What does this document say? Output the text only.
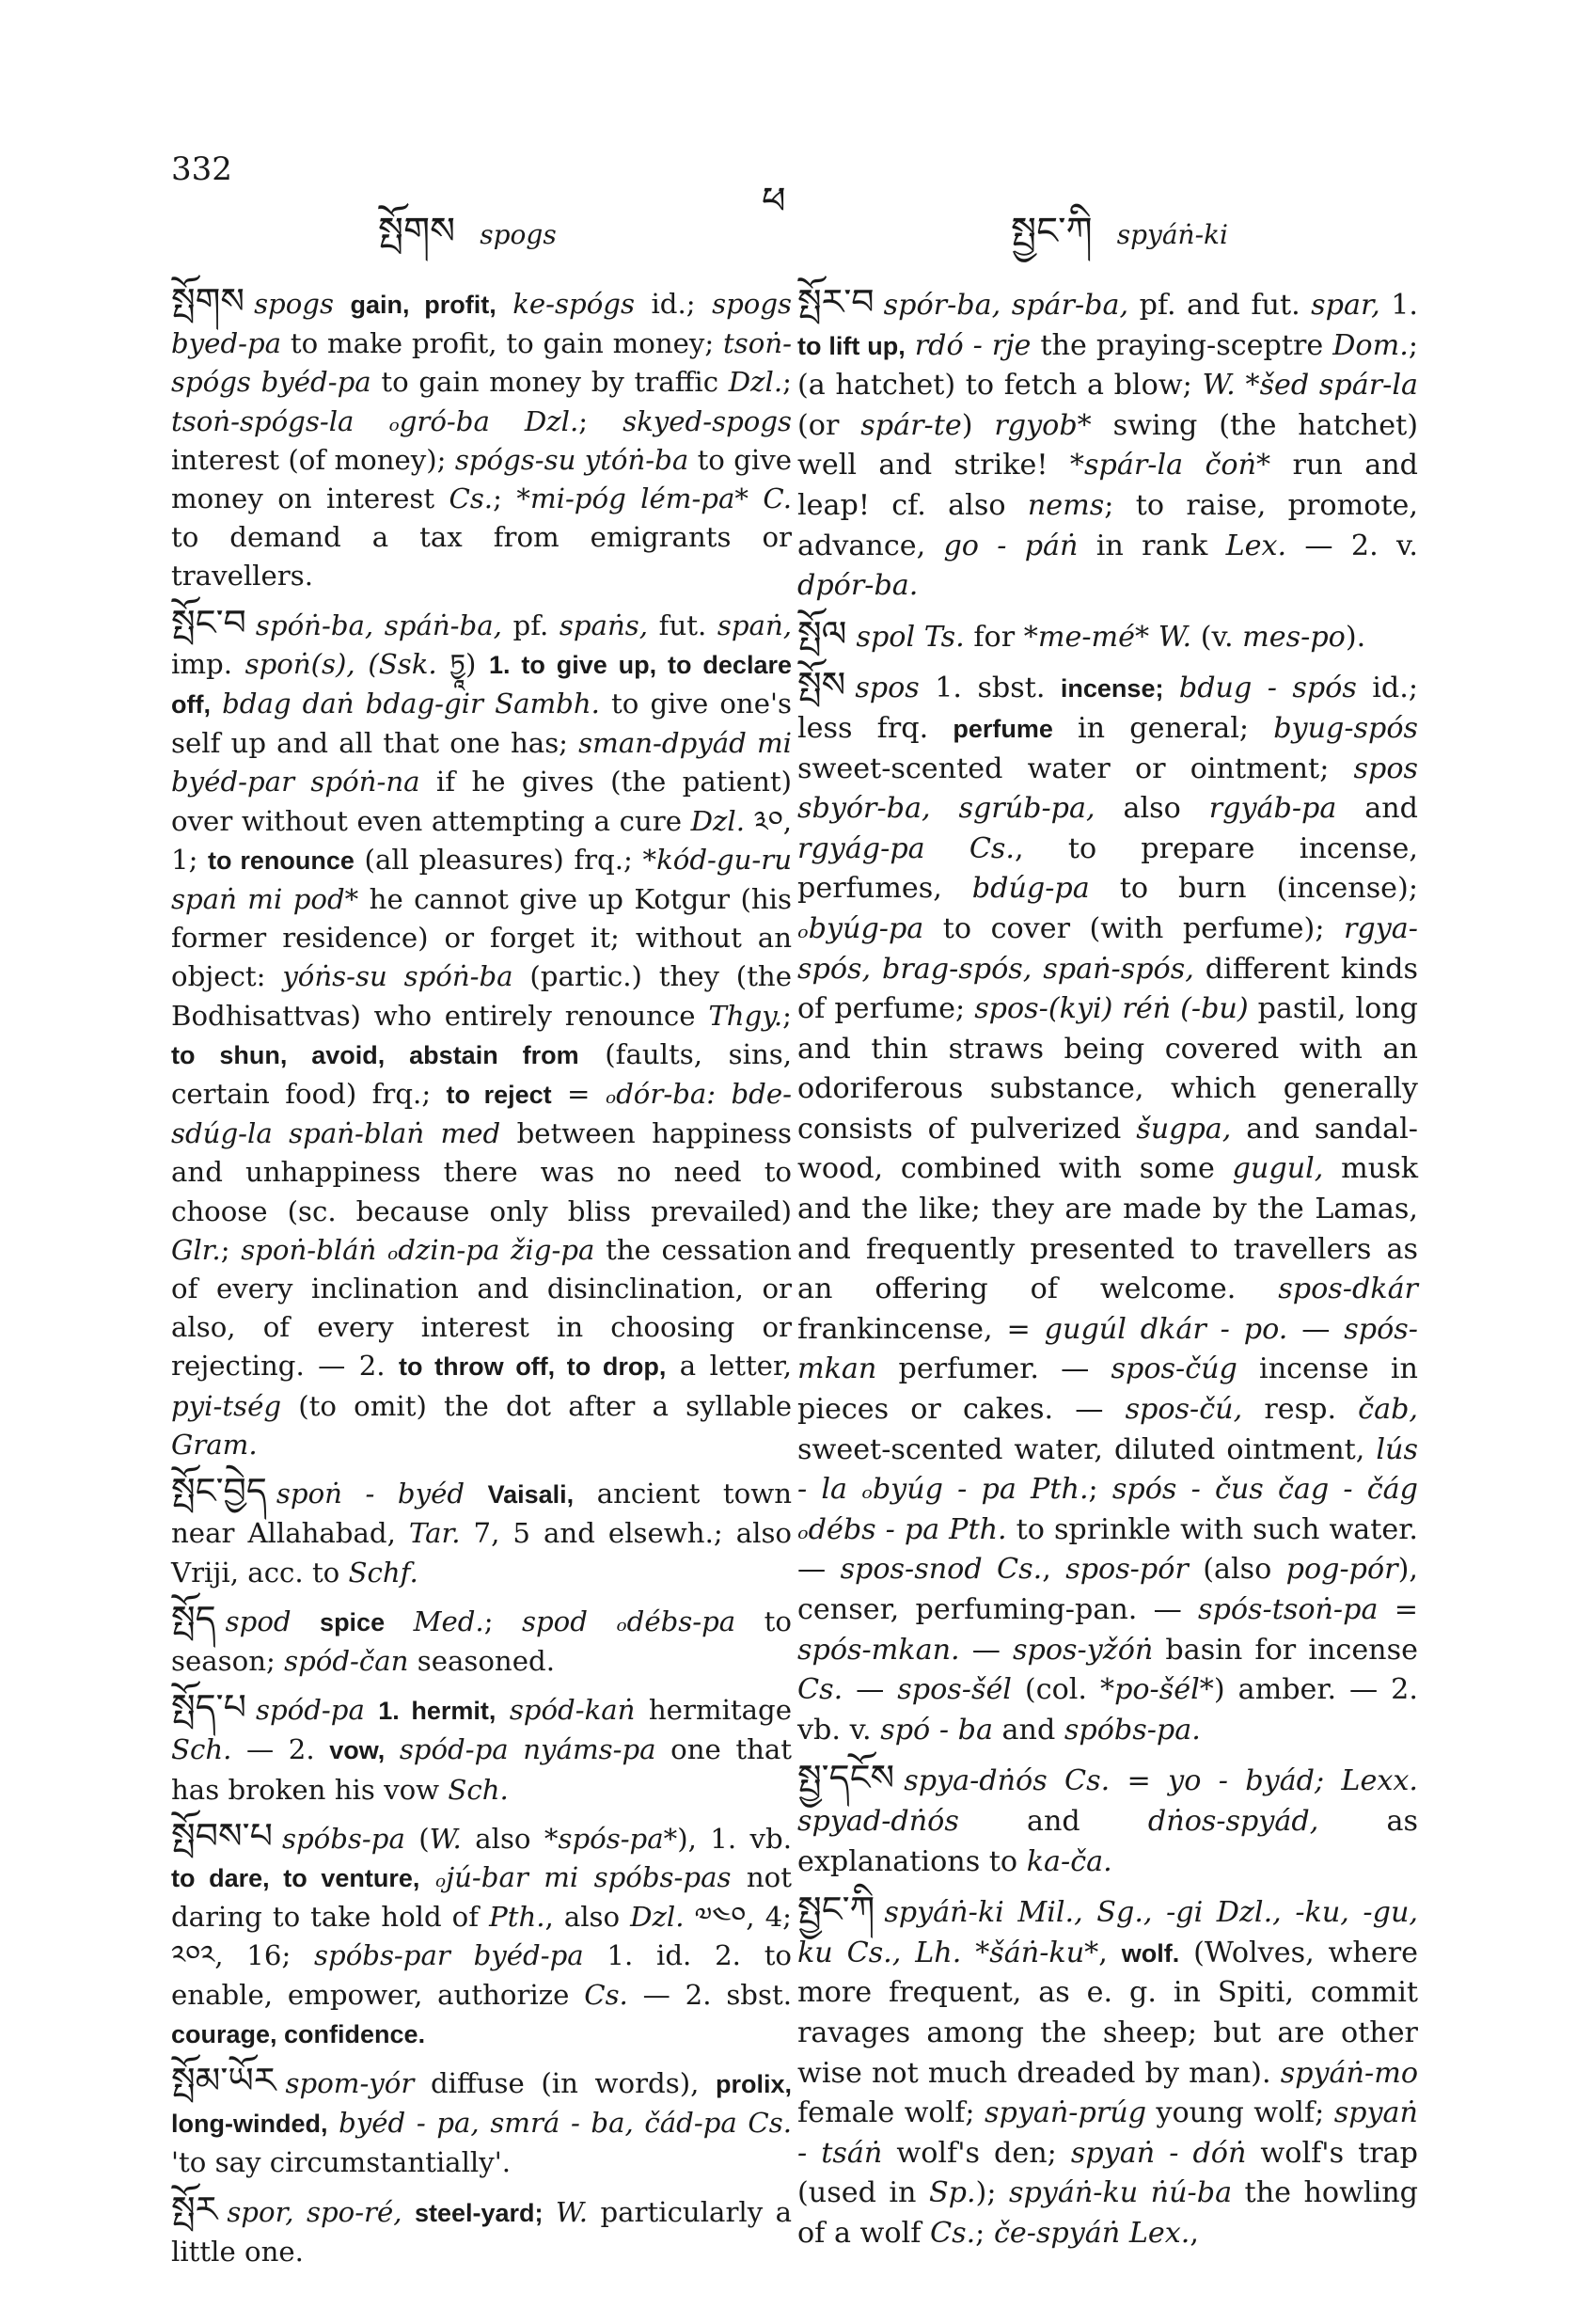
332
སྤོགས spogs
ཕ
སྤྱང་ཀི spyáṅ-ki

སྤོགས spogs gain, profit, ke-spógs id.; spogs byed-pa to make profit, to gain money; tsoṅ-spógs byéd-pa to gain money by traffic Dzl.; tsoṅ-spógs-la ₒgró-ba Dzl.; skyed-spogs interest (of money); spógs-su ytóṅ-ba to give money on interest Cs.; *mi-póg lém-pa* C. to demand a tax from emigrants or travellers.

སྤོང་བ spóṅ-ba, spáṅ-ba, pf. spaṅs, fut. spaṅ, imp. spoṅ(s), (Ssk. ཏྱཱ) 1. to give up, to declare off, bdag daṅ bdag-gir Sambh. to give one's self up and all that one has; sman-dpyád mi byéd-par spóṅ-na if he gives (the patient) over without even attempting a cure Dzl. ༣༠, 1; to renounce (all pleasures) frq.; *kód-gu-ru spaṅ mi pod* he cannot give up Kotgur (his former residence) or forget it; without an object: yóṅs-su spóṅ-ba (partic.) they (the Bodhisattvas) who entirely renounce Thgy.; to shun, avoid, abstain from (faults, sins, certain food) frq.; to reject = ₒdór-ba: bde-sdúg-la spaṅ-blaṅ med between happiness and unhappiness there was no need to choose (sc. because only bliss prevailed) Glr.; spoṅ-bláṅ ₒdzin-pa žig-pa the cessation of every inclination and disinclination, or also, of every interest in choosing or rejecting. — 2. to throw off, to drop, a letter, pyi-tség (to omit) the dot after a syllable Gram.

སྤོང་བྱེད spoṅ - byéd Vaisali, ancient town near Allahabad, Tar. 7, 5 and elsewh.; also Vriji, acc. to Schf.

སྤོད spod spice Med.; spod ₒdébs-pa to season; spód-čan seasoned.

སྤོད་པ spód-pa 1. hermit, spód-kaṅ hermitage Sch. — 2. vow, spód-pa nyáms-pa one that has broken his vow Sch.

སྤོབས་པ spóbs-pa (W. also *spós-pa*), 1. vb. to dare, to venture, ₒjú-bar mi spóbs-pas not daring to take hold of Pth., also Dzl. ༧༤༠, 4; ༢༠༢, 16; spóbs-par byéd-pa 1. id. 2. to enable, empower, authorize Cs. — 2. sbst. courage, confidence.

སྤོམ་ཡོར spom-yór diffuse (in words), prolix, long-winded, byéd - pa, smrá - ba, čád-pa Cs. 'to say circumstantially'.

སྤོར spor, spo-ré, steel-yard; W. particularly a little one.

སྤོར་བ spór-ba, spár-ba, pf. and fut. spar, 1. to lift up, rdó - rje the praying-sceptre Dom.; (a hatchet) to fetch a blow; W. *šed spár-la (or spár-te) rgyob* swing (the hatchet) well and strike! *spár-la čoṅ* run and leap! cf. also nems; to raise, promote, advance, go - páṅ in rank Lex. — 2. v. dpór-ba.

སྤོལ spol Ts. for *me-mé* W. (v. mes-po).

སྤོས spos 1. sbst. incense; bdug - spós id.; less frq. perfume in general; byug-spós sweet-scented water or ointment; spos sbyór-ba, sgrúb-pa, also rgyáb-pa and rgyág-pa Cs., to prepare incense, perfumes, bdúg-pa to burn (incense); ₒbyúg-pa to cover (with perfume); rgya-spós, brag-spós, spaṅ-spós, different kinds of perfume; spos-(kyi) réṅ (-bu) pastil, long and thin straws being covered with an odoriferous substance, which generally consists of pulverized šugpa, and sandal-wood, combined with some gugul, musk and the like; they are made by the Lamas, and frequently presented to travellers as an offering of welcome. spos-dkár frankincense, = gugúl dkár - po. — spós-mkan perfumer. — spos-čúg incense in pieces or cakes. — spos-čú, resp. čab, sweet-scented water, diluted ointment, lús - la ₒbyúg - pa Pth.; spós - čus čag - čág ₒdébs - pa Pth. to sprinkle with such water. — spos-snod Cs., spos-pór (also pog-pór), censer, perfuming-pan. — spós-tsoṅ-pa = spós-mkan. — spos-yžóṅ basin for incense Cs. — spos-šél (col. *po-šél*) amber. — 2. vb. v. spó - ba and spóbs-pa.

སྤྱ་དངོས spya-dṅós Cs. = yo - byád; Lexx. spyad-dṅós and dṅos-spyád, as explanations to ka-ča.

སྤྱང་ཀི spyáṅ-ki Mil., Sg., -gi Dzl., -ku, -gu, ku Cs., Lh. *šáṅ-ku*, wolf. (Wolves, where more frequent, as e. g. in Spiti, commit ravages among the sheep; but are other wise not much dreaded by man). spyáṅ-mo female wolf; spyaṅ-prúg young wolf; spyaṅ - tsáṅ wolf's den; spyaṅ - dóṅ wolf's trap (used in Sp.); spyáṅ-ku ṅú-ba the howling of a wolf Cs.; če-spyáṅ Lex.,
